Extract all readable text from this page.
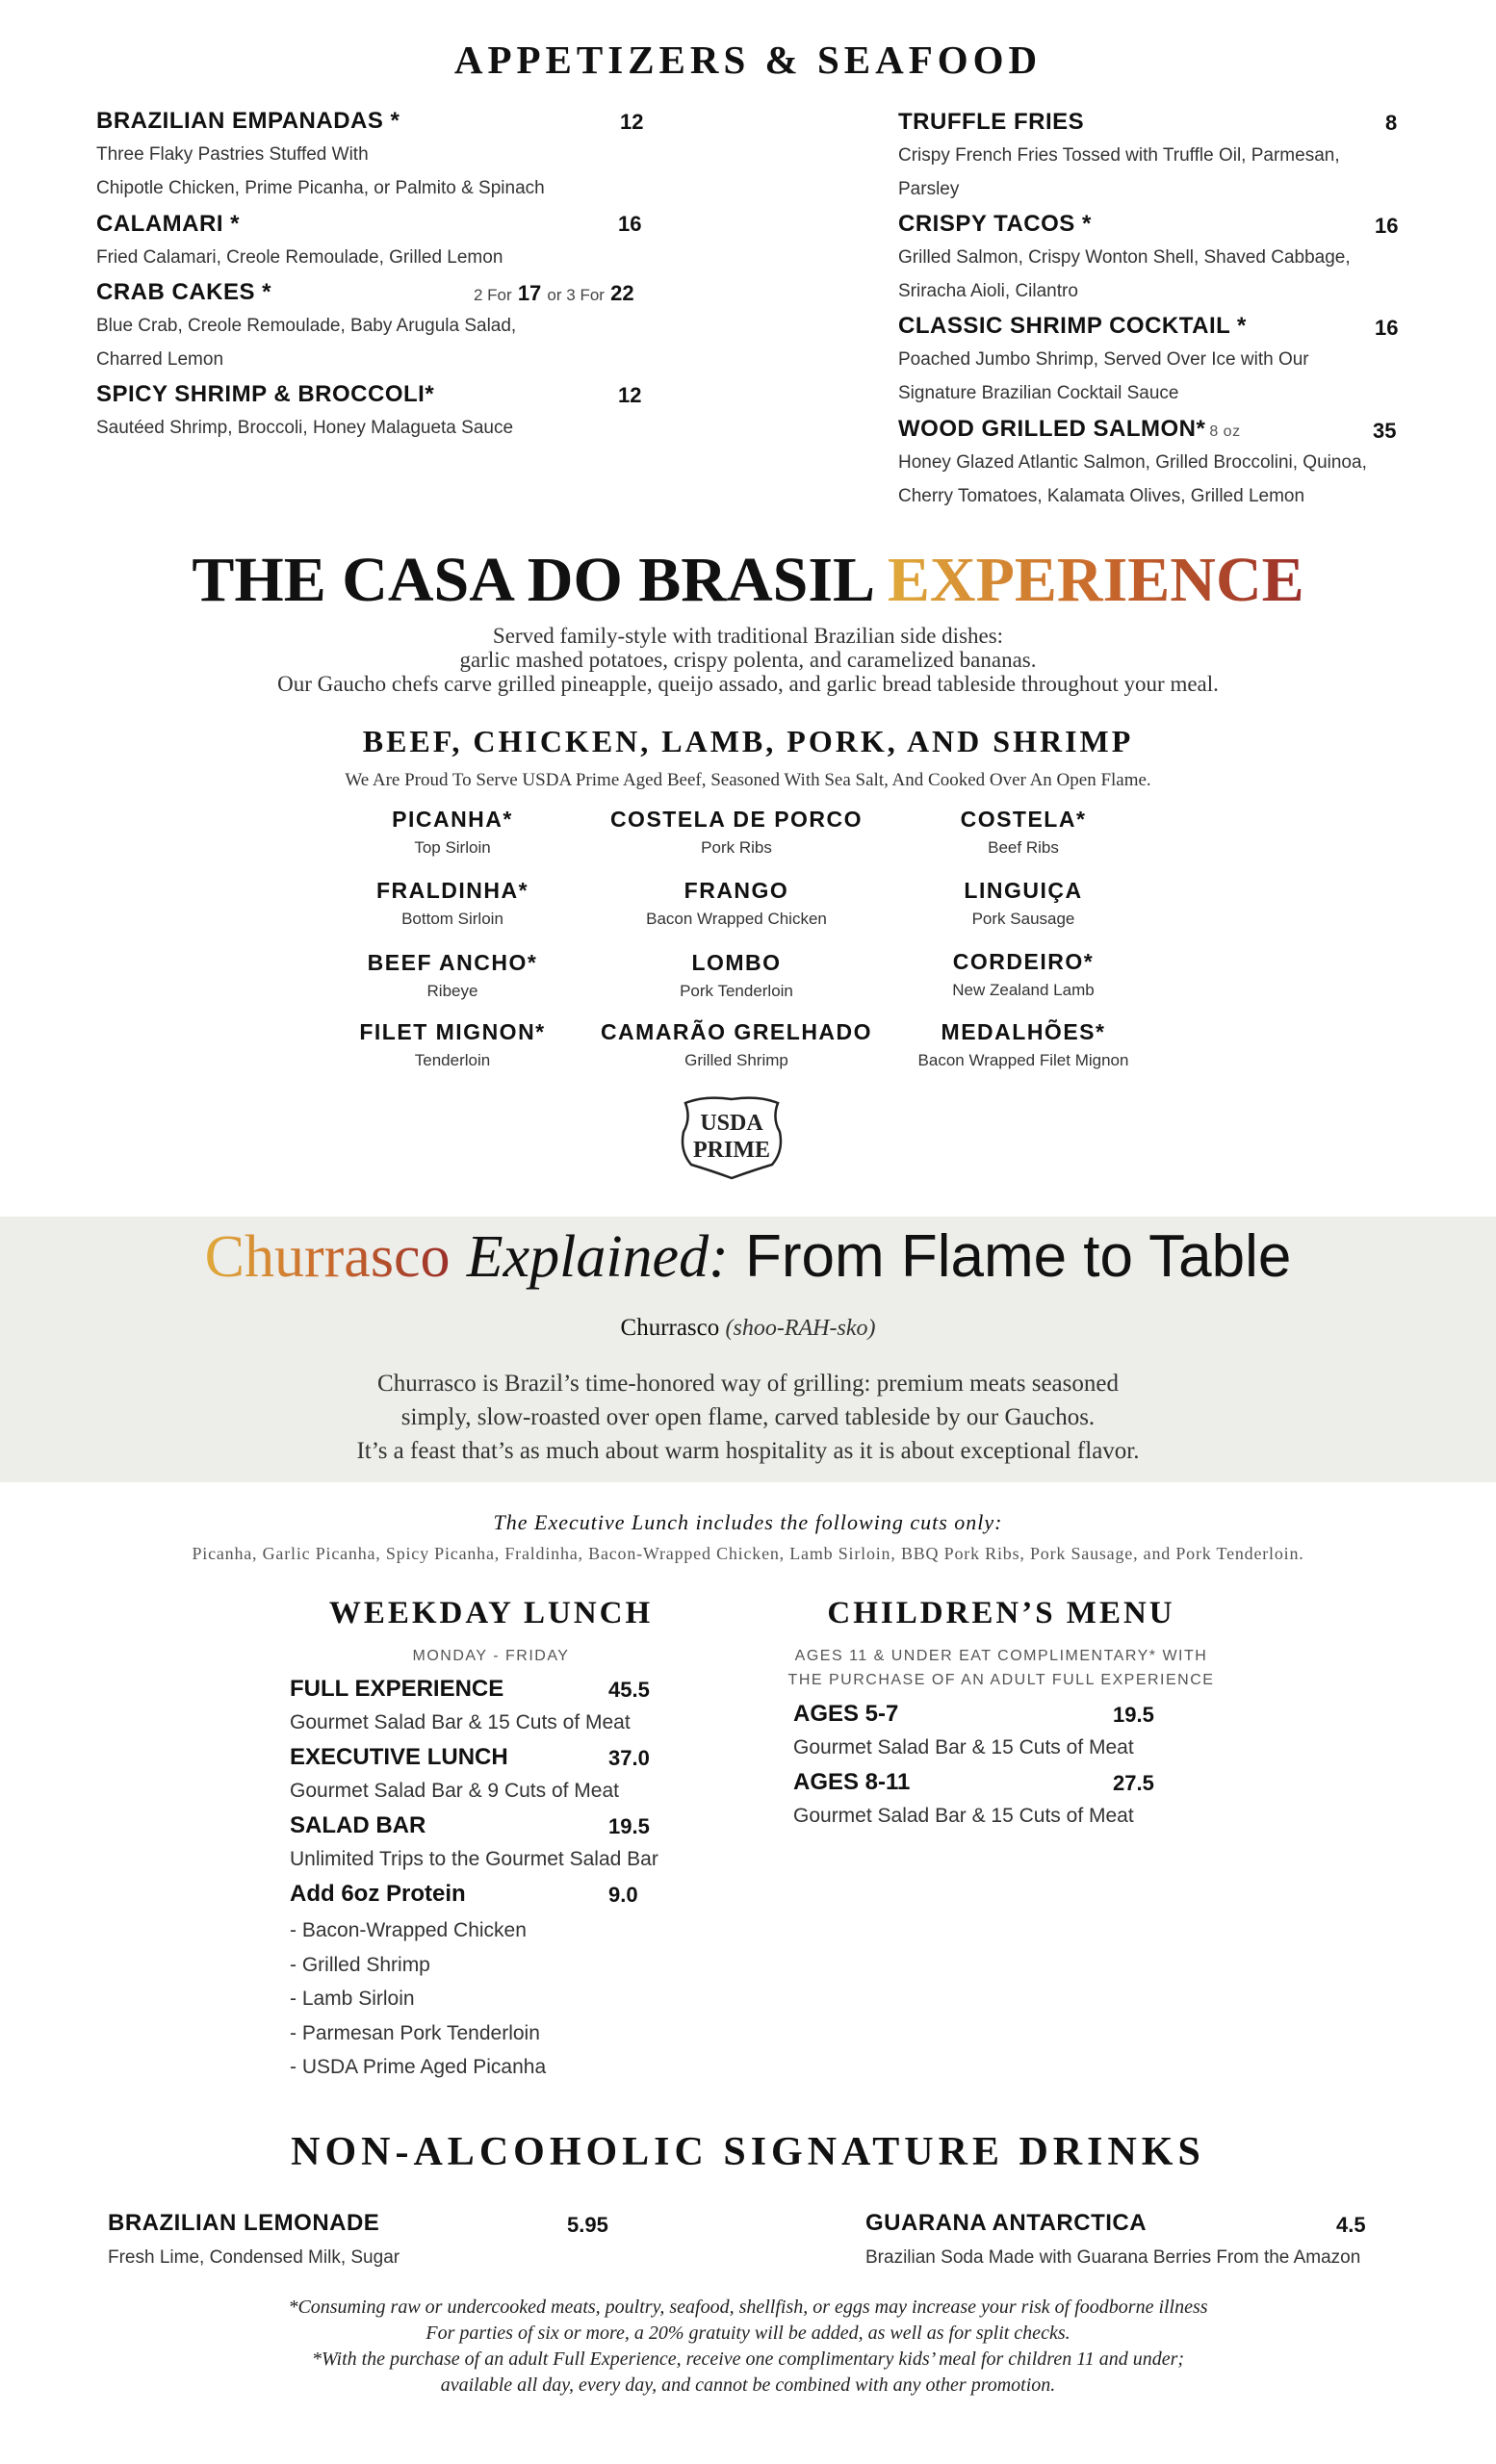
APPETIZERS & SEAFOOD
BRAZILIAN EMPANADAS *
Three Flaky Pastries Stuffed With
Chipotle Chicken, Prime Picanha, or Palmito & Spinach
12
CALAMARI *
Fried Calamari, Creole Remoulade, Grilled Lemon
16
CRAB CAKES *
Blue Crab, Creole Remoulade, Baby Arugula Salad,
Charred Lemon
2 For 17 or 3 For 22
SPICY SHRIMP & BROCCOLI*
Sautéed Shrimp, Broccoli, Honey Malagueta Sauce
12
TRUFFLE FRIES
Crispy French Fries Tossed with Truffle Oil, Parmesan,
Parsley
8
CRISPY TACOS *
Grilled Salmon, Crispy Wonton Shell, Shaved Cabbage,
Sriracha Aioli, Cilantro
16
CLASSIC SHRIMP COCKTAIL *
Poached Jumbo Shrimp, Served Over Ice with Our
Signature Brazilian Cocktail Sauce
16
WOOD GRILLED SALMON* 8 oz
Honey Glazed Atlantic Salmon, Grilled Broccolini, Quinoa,
Cherry Tomatoes, Kalamata Olives, Grilled Lemon
35
THE CASA DO BRASIL EXPERIENCE
Served family-style with traditional Brazilian side dishes:
garlic mashed potatoes, crispy polenta, and caramelized bananas.
Our Gaucho chefs carve grilled pineapple, queijo assado, and garlic bread tableside throughout your meal.
BEEF, CHICKEN, LAMB, PORK, AND SHRIMP
We Are Proud To Serve USDA Prime Aged Beef, Seasoned With Sea Salt, And Cooked Over An Open Flame.
PICANHA*
Top Sirloin
COSTELA DE PORCO
Pork Ribs
COSTELA*
Beef Ribs
FRALDINHA*
Bottom Sirloin
FRANGO
Bacon Wrapped Chicken
LINGUIÇA
Pork Sausage
BEEF ANCHO*
Ribeye
LOMBO
Pork Tenderloin
CORDEIRO*
New Zealand Lamb
FILET MIGNON*
Tenderloin
CAMARÃO GRELHADO
Grilled Shrimp
MEDALHÕES*
Bacon Wrapped Filet Mignon
USDA
PRIME
Churrasco Explained: From Flame to Table
Churrasco (shoo-RAH-sko)
Churrasco is Brazil’s time-honored way of grilling: premium meats seasoned
simply, slow-roasted over open flame, carved tableside by our Gauchos.
It’s a feast that’s as much about warm hospitality as it is about exceptional flavor.
The Executive Lunch includes the following cuts only:
Picanha, Garlic Picanha, Spicy Picanha, Fraldinha, Bacon-Wrapped Chicken, Lamb Sirloin, BBQ Pork Ribs, Pork Sausage, and Pork Tenderloin.
WEEKDAY LUNCH
MONDAY - FRIDAY
FULL EXPERIENCE	45.5
Gourmet Salad Bar & 15 Cuts of Meat
EXECUTIVE LUNCH	37.0
Gourmet Salad Bar & 9 Cuts of Meat
SALAD BAR	19.5
Unlimited Trips to the Gourmet Salad Bar
Add 6oz Protein	9.0
- Bacon-Wrapped Chicken
- Grilled Shrimp
- Lamb Sirloin
- Parmesan Pork Tenderloin
- USDA Prime Aged Picanha
CHILDREN’S MENU
AGES 11 & UNDER EAT COMPLIMENTARY* WITH
THE PURCHASE OF AN ADULT FULL EXPERIENCE
AGES 5-7	19.5
Gourmet Salad Bar & 15 Cuts of Meat
AGES 8-11	27.5
Gourmet Salad Bar & 15 Cuts of Meat
NON-ALCOHOLIC SIGNATURE DRINKS
BRAZILIAN LEMONADE	5.95
Fresh Lime, Condensed Milk, Sugar
GUARANA ANTARCTICA	4.5
Brazilian Soda Made with Guarana Berries From the Amazon
*Consuming raw or undercooked meats, poultry, seafood, shellfish, or eggs may increase your risk of foodborne illness
For parties of six or more, a 20% gratuity will be added, as well as for split checks.
*With the purchase of an adult Full Experience, receive one complimentary kids’ meal for children 11 and under;
available all day, every day, and cannot be combined with any other promotion.
